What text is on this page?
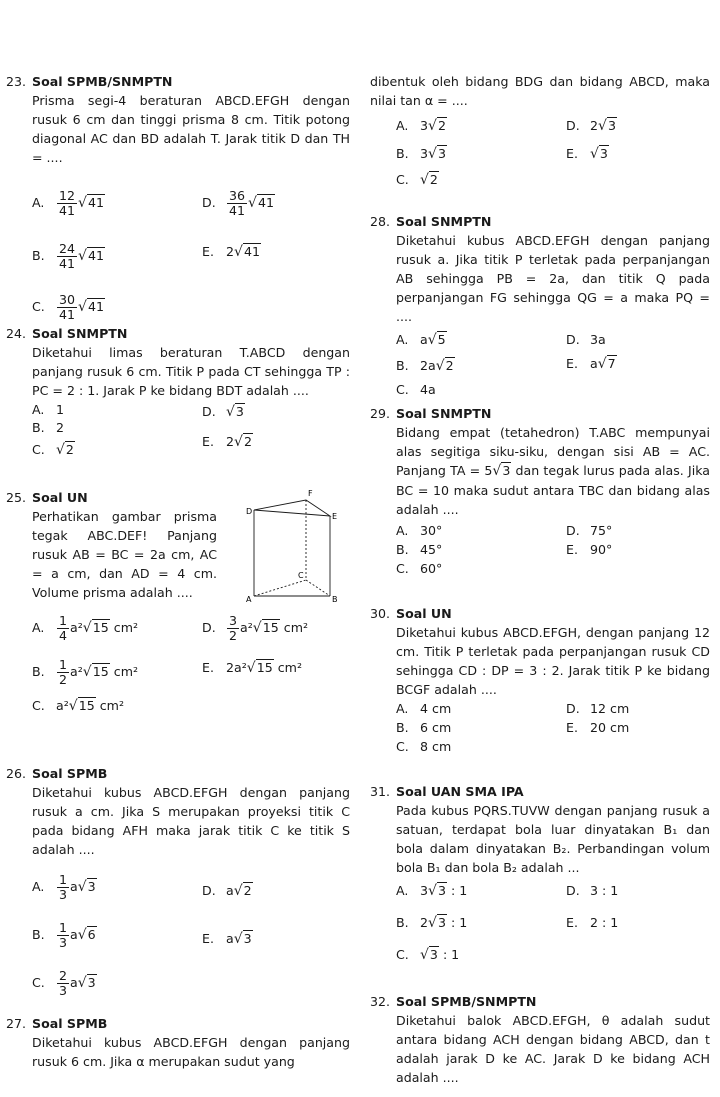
23. Soal SPMB/SNMPTN
Prisma segi-4 beraturan ABCD.EFGH dengan rusuk 6 cm dan tinggi prisma 8 cm. Titik potong diagonal AC dan BD adalah T. Jarak titik D dan TH = ....
A. $\frac{12}{41} √41$
B. $\frac{24}{41} √41$
C. $\frac{30}{41} √41$
D. $\frac{36}{41} √41$
E. 2√41
24. Soal SNMPTN
Diketahui limas beraturan T.ABCD dengan panjang rusuk 6 cm. Titik P pada CT sehingga TP : PC = 2 : 1. Jarak P ke bidang BDT adalah ....
A. 1
B. 2
C. √2
D. √3
E. 2√2
25. Soal UN
Perhatikan gambar prisma tegak ABC.DEF! Panjang rusuk AB = BC = 2a cm, AC = a cm, dan AD = 4 cm. Volume prisma adalah ....
D
F
E
C
A	B
A. $\frac{1}{4} a^2√15$ cm²
B. $\frac{1}{2} a^2√15$ cm²
C. a²√15 cm²
D. $\frac{3}{2} a^2√15$ cm²
E. 2a²√15 cm²
26. Soal SPMB
Diketahui kubus ABCD.EFGH dengan panjang rusuk a cm. Jika S merupakan proyeksi titik C pada bidang AFH maka jarak titik C ke titik S adalah ....
A. $\frac{1}{3} a√3$
B. $\frac{1}{3} a√6$
C. $\frac{2}{3} a√3$
D. a√2
E. a√3
27. Soal SPMB
Diketahui kubus ABCD.EFGH dengan panjang rusuk 6 cm. Jika α merupakan sudut yang
dibentuk oleh bidang BDG dan bidang ABCD, maka nilai tan α = ....
A. 3√2
B. 3√3
C. √2
D. 2√3
E. √3
28. Soal SNMPTN
Diketahui kubus ABCD.EFGH dengan panjang rusuk a. Jika titik P terletak pada perpanjangan AB sehingga PB = 2a, dan titik Q pada perpanjangan FG sehingga QG = a maka PQ = ....
A. a√5
B. 2a√2
C. 4a
D. 3a
E. a√7
29. Soal SNMPTN
Bidang empat (tetahedron) T.ABC mempunyai alas segitiga siku-siku, dengan sisi AB = AC. Panjang TA = 5√3 dan tegak lurus pada alas. Jika BC = 10 maka sudut antara TBC dan bidang alas adalah ....
A. 30°
B. 45°
C. 60°
D. 75°
E. 90°
30. Soal UN
Diketahui kubus ABCD.EFGH, dengan panjang 12 cm. Titik P terletak pada perpanjangan rusuk CD sehingga CD : DP = 3 : 2. Jarak titik P ke bidang BCGF adalah ....
A. 4 cm
B. 6 cm
C. 8 cm
D. 12 cm
E. 20 cm
31. Soal UAN SMA IPA
Pada kubus PQRS.TUVW dengan panjang rusuk a satuan, terdapat bola luar dinyatakan B₁ dan bola dalam dinyatakan B₂. Perbandingan volum bola B₁ dan bola B₂ adalah ...
A. 3√3 : 1
B. 2√3 : 1
C. √3 : 1
D. 3 : 1
E. 2 : 1
32. Soal SPMB/SNMPTN
Diketahui balok ABCD.EFGH, θ adalah sudut antara bidang ACH dengan bidang ABCD, dan t adalah jarak D ke AC. Jarak D ke bidang ACH adalah ....
